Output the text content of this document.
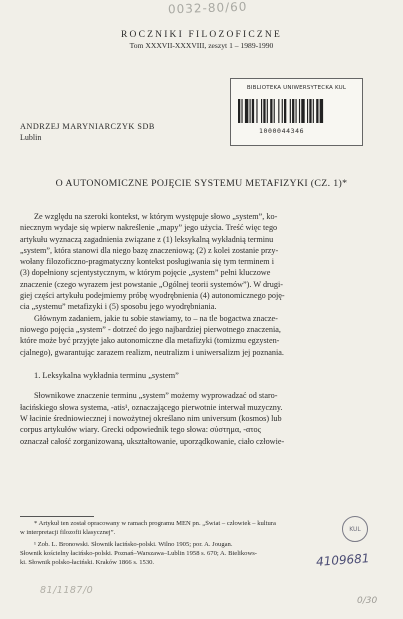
0032-80/60
ROCZNIKI FILOZOFICZNE
Tom XXXVII-XXXVIII, zeszyt 1 – 1989-1990
BIBLIOTEKA UNIWERSYTECKA KUL
1000044346
ANDRZEJ MARYNIARCZYK SDB
Lublin
O AUTONOMICZNE POJĘCIE SYSTEMU METAFIZYKI (CZ. 1)*
Ze względu na szeroki kontekst, w którym występuje słowo „system”, ko-
niecznym wydaje się wpierw nakreślenie „mapy” jego użycia. Treść więc tego
artykułu wyznaczą zagadnienia związane z (1) leksykalną wykładnią terminu
„system”, która stanowi dla niego bazę znaczeniową; (2) z kolei zostanie przy-
wołany filozoficzno-pragmatyczny kontekst posługiwania się tym terminem i
(3) dopełniony scjentystycznym, w którym pojęcie „system” pełni kluczowe
znaczenie (czego wyrazem jest powstanie „Ogólnej teorii systemów”). W drugi-
giej części artykułu podejmiemy próbę wyodrębnienia (4) autonomicznego poję-
cia „systemu” metafizyki i (5) sposobu jego wyodrębniania.
Głównym zadaniem, jakie tu sobie stawiamy, to – na tle bogactwa znacze-
niowego pojęcia „system” - dotrzeć do jego najbardziej pierwotnego znaczenia,
które może być przyjęte jako autonomiczne dla metafizyki (tomizmu egzysten-
cjalnego), gwarantując zarazem realizm, neutralizm i uniwersalizm jej poznania.
1. Leksykalna wykładnia terminu „system”
Słownikowe znaczenie terminu „system” możemy wyprowadzać od staro-
łacińskiego słowa systema, -atis¹, oznaczającego pierwotnie interwał muzyczny.
W łacinie średniowiecznej i nowożytnej określano nim universum (kosmos) lub
corpus artykułów wiary. Grecki odpowiednik tego słowa: σύστημα, -ατος
oznaczał całość zorganizowaną, ukształtowanie, uporządkowanie, ciało człowie-
* Artykuł ten został opracowany w ramach programu MEN pn. „Świat – człowiek – kultura
w interpretacji filozofii klasycznej”.
¹ Zob. L. Bronowski. Słownik łacińsko-polski. Wilno 1905; por. A. Jougan.
Słownik kościelny łacińsko-polski. Poznań–Warszawa–Lublin 1958 s. 670; A. Bielikows-
ki. Słownik polsko-łaciński. Kraków 1866 s. 1530.
KUL
4109681
81/1187/0
0/30
